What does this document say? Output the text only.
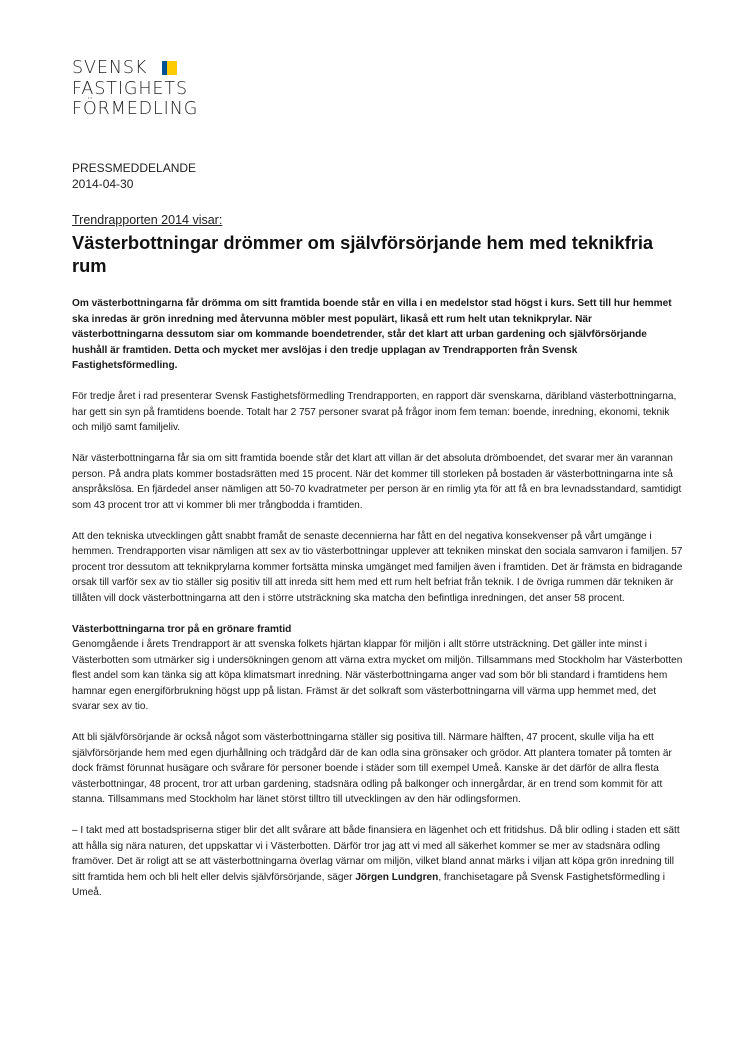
SVENSK
FASTIGHETS
FÖRMEDLING
PRESSMEDDELANDE
2014-04-30
Trendrapporten 2014 visar:
Västerbottningar drömmer om självförsörjande hem med teknikfria rum

Om västerbottningarna får drömma om sitt framtida boende står en villa i en medelstor stad högst i kurs. Sett till hur hemmet ska inredas är grön inredning med återvunna möbler mest populärt, likaså ett rum helt utan teknikprylar. När västerbottningarna dessutom siar om kommande boendetrender, står det klart att urban gardening och självförsörjande hushåll är framtiden. Detta och mycket mer avslöjas i den tredje upplagan av Trendrapporten från Svensk Fastighetsförmedling.

För tredje året i rad presenterar Svensk Fastighetsförmedling Trendrapporten, en rapport där svenskarna, däribland västerbottningarna, har gett sin syn på framtidens boende. Totalt har 2 757 personer svarat på frågor inom fem teman: boende, inredning, ekonomi, teknik och miljö samt familjeliv.

När västerbottningarna får sia om sitt framtida boende står det klart att villan är det absoluta drömboendet, det svarar mer än varannan person. På andra plats kommer bostadsrätten med 15 procent. När det kommer till storleken på bostaden är västerbottningarna inte så anspråkslösa. En fjärdedel anser nämligen att 50-70 kvadratmeter per person är en rimlig yta för att få en bra levnadsstandard, samtidigt som 43 procent tror att vi kommer bli mer trångbodda i framtiden.

Att den tekniska utvecklingen gått snabbt framåt de senaste decennierna har fått en del negativa konsekvenser på vårt umgänge i hemmen. Trendrapporten visar nämligen att sex av tio västerbottningar upplever att tekniken minskat den sociala samvaron i familjen. 57 procent tror dessutom att teknikprylarna kommer fortsätta minska umgänget med familjen även i framtiden. Det är främsta en bidragande orsak till varför sex av tio ställer sig positiv till att inreda sitt hem med ett rum helt befriat från teknik. I de övriga rummen där tekniken är tillåten vill dock västerbottningarna att den i större utsträckning ska matcha den befintliga inredningen, det anser 58 procent.

Västerbottningarna tror på en grönare framtid
Genomgående i årets Trendrapport är att svenska folkets hjärtan klappar för miljön i allt större utsträckning. Det gäller inte minst i Västerbotten som utmärker sig i undersökningen genom att värna extra mycket om miljön. Tillsammans med Stockholm har Västerbotten flest andel som kan tänka sig att köpa klimatsmart inredning. När västerbottningarna anger vad som bör bli standard i framtidens hem hamnar egen energiförbrukning högst upp på listan. Främst är det solkraft som västerbottningarna vill värma upp hemmet med, det svarar sex av tio.

Att bli självförsörjande är också något som västerbottningarna ställer sig positiva till. Närmare hälften, 47 procent, skulle vilja ha ett självförsörjande hem med egen djurhållning och trädgård där de kan odla sina grönsaker och grödor. Att plantera tomater på tomten är dock främst förunnat husägare och svårare för personer boende i städer som till exempel Umeå. Kanske är det därför de allra flesta västerbottningar, 48 procent, tror att urban gardening, stadsnära odling på balkonger och innergårdar, är en trend som kommit för att stanna. Tillsammans med Stockholm har länet störst tilltro till utvecklingen av den här odlingsformen.

– I takt med att bostadspriserna stiger blir det allt svårare att både finansiera en lägenhet och ett fritidshus. Då blir odling i staden ett sätt att hålla sig nära naturen, det uppskattar vi i Västerbotten. Därför tror jag att vi med all säkerhet kommer se mer av stadsnära odling framöver. Det är roligt att se att västerbottningarna överlag värnar om miljön, vilket bland annat märks i viljan att köpa grön inredning till sitt framtida hem och bli helt eller delvis självförsörjande, säger Jörgen Lundgren, franchisetagare på Svensk Fastighetsförmedling i Umeå.
